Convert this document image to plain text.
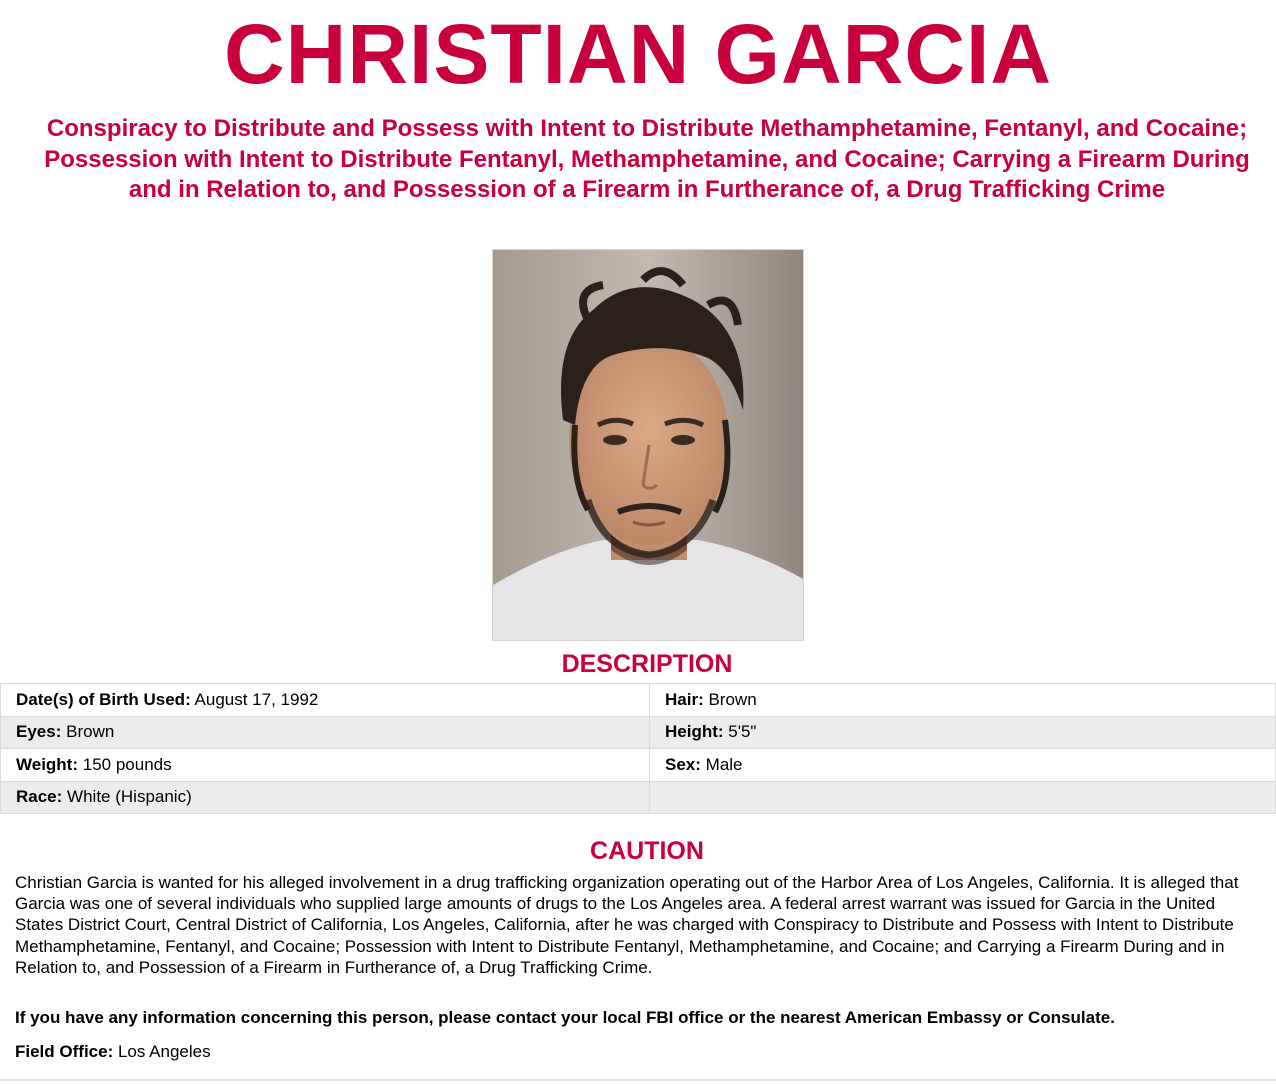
CHRISTIAN GARCIA
Conspiracy to Distribute and Possess with Intent to Distribute Methamphetamine, Fentanyl, and Cocaine; Possession with Intent to Distribute Fentanyl, Methamphetamine, and Cocaine; Carrying a Firearm During and in Relation to, and Possession of a Firearm in Furtherance of, a Drug Trafficking Crime
DESCRIPTION
Date(s) of Birth Used: August 17, 1992	Hair: Brown
Eyes: Brown	Height: 5'5"
Weight: 150 pounds	Sex: Male
Race: White (Hispanic)	
CAUTION
Christian Garcia is wanted for his alleged involvement in a drug trafficking organization operating out of the Harbor Area of Los Angeles, California. It is alleged that Garcia was one of several individuals who supplied large amounts of drugs to the Los Angeles area. A federal arrest warrant was issued for Garcia in the United States District Court, Central District of California, Los Angeles, California, after he was charged with Conspiracy to Distribute and Possess with Intent to Distribute Methamphetamine, Fentanyl, and Cocaine; Possession with Intent to Distribute Fentanyl, Methamphetamine, and Cocaine; and Carrying a Firearm During and in Relation to, and Possession of a Firearm in Furtherance of, a Drug Trafficking Crime.
If you have any information concerning this person, please contact your local FBI office or the nearest American Embassy or Consulate.
Field Office: Los Angeles
